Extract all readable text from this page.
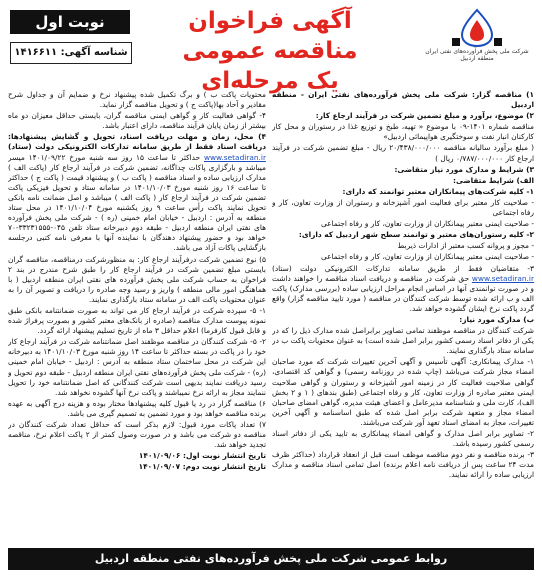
شرکت ملی پخش فرآورده‌های نفتی ایران
منطقه اردبیل
آگهی فراخوان مناقصه عمومی
یک مرحله‌ای
نوبت اول
شناسه آگهی: ۱۴۱۶۶۱۱

۱) مناقصه گزار: شرکت ملی پخش فرآورده‌های نفتی ایران - منطقه اردبیل

۲) موضوع، برآورد و مبلغ تضمین شرکت در فرآیند ارجاع کار:

مناقصه شماره ۱۴۰۱-۰۹ با موضوع « تهیه، طبخ و توزیع غذا در رستوران و محل کار کارکنان انبار نفت و سوختگیری هواپیمائی اردبیل»

( مبلغ برآورد سالیانه مناقصه ۲۰/۴۳۸/۰۰۰/۰۰۰ ریال - مبلغ تضمین شرکت در فرآیند ارجاع کار ۰/۷۸۷/۰۰۰/۰۰۰ ریال )

۳) شرایط و مدارک مورد نیاز متقاضی:

الف) شرایط متقاضی:

۱- کلیه شرکت‌های پیمانکاران معتبر توانمند که دارای:

- صلاحیت کار معتبر برای فعالیت امور آشپزخانه و رستوران از وزارت تعاون، کار و رفاه اجتماعی

- صلاحیت ایمنی معتبر پیمانکاران از وزارت تعاون، کار و رفاه اجتماعی

۲- کلیه رستوران‌های معتبر و توانمند سطح شهر اردبیل که دارای:

- مجوز و پروانه کسب معتبر از ادارات ذیربط

- صلاحیت ایمنی معتبر پیمانکاران از وزارت تعاون، کار و رفاه اجتماعی

۳- متقاضیان فقط از طریق سامانه تدارکات الکترونیکی دولت (ستاد) www.setadiran.ir حق شرکت در مناقصه و دریافت اسناد مناقصه را خواهند داشت و در صورت توانمندی آنها در اساس انجام مراحل ارزیابی ساده (بررسی مدارک) پاکت الف و ب ارائه شده توسط شرکت کنندگان در مناقصه ( مورد تایید مناقصه گزار) واقع گردد پاکت نرخ ایشان گشوده خواهد شد.

ب) مدارک مورد نیاز:

شرکت کنندگان در مناقصه موظفند تمامی تصاویر برابراصل شده مدارک ذیل را که در یکی از دفاتر اسناد رسمی کشور برابر اصل شده است) به عنوان محتویات پاکت ب در سامانه ستاد بارگذاری نمایند.

۱- مدارک پیمانکاری: آگهی تأسیس و آگهی آخرین تغییرات شرکت که مورد صاحبان امضاء مجاز شرکت می‌باشد (چاپ شده در روزنامه رسمی) و گواهی کد اقتصادی، گواهی صلاحیت فعالیت کار در زمینه امور آشپزخانه و رستوران و گواهی صلاحیت ایمنی معتبر صادره از وزارت تعاون، کار و رفاه اجتماعی (طبق بندهای ( ۱ و ۲ بخش الف)، کارت ملی و شناسنامه مدیرعامل و اعضای هیئت مدیره، گواهی امضای صاحبان امضاء مجاز و متعهد شرکت برابر اصل شده که طبق اساسنامه و آگهی آخرین تغییرات، مجاز به امضای اسناد تعهد آور شرکت می‌باشند.

۲- تصاویر برابر اصل مدارک و گواهی امضاء پیمانکاری به تایید یکی از دفاتر اسناد رسمی کشور رسیده باشد.

۳- برنده مناقصه و نفر دوم مناقصه موظف است قبل از انعقاد قرارداد (حداکثر ظرف مدت ۲۴ ساعت پس از دریافت نامه اعلام برنده) اصل تمامی اسناد مناقصه و مدارک ارزیابی ساده را ارائه نمایند.

محتویات پاکت ب ) و برگ تکمیل شده پیشنهاد نرخ و ضمایم آن و جداول شرح مقادیر و آحاد بها(پاکت ج ) و تحویل مناقصه گزار نماید.

۴- گواهی فعالیت کار و گواهی ایمنی مناقصه گران، بایستی حداقل معیزان دو ماه بیشتر از زمان پایان فرآیند مناقصه، دارای اعتبار باشد.

۴) محل، زمان و مهلت دریافت اسناد، تحویل و گشایش پیشنهادها: دریافت اسناد فقط از طریق سامانه تدارکات الکترونیکی دولت (ستاد) www.setadiran.ir حداکثر تا ساعت ۱۵ روز سه شنبه مورخ ۱۴۰۱/۰۹/۲۲ میسر میباشد و بارگزاری پاکات چداگانه، تضمین شرکت در فرآیند ارجاع کار (پاکت الف ) مدارک ارزیابی ساده و اسناد مناقصه ( پاکت ب ) و پیشنهاد قیمت ( پاکت ج ) حداکثر تا ساعت ۱۶ روز شنبه مورخ ۱۴۰۱/۱۰/۰۳ در سامانه ستاد و تحویل فیزیکی پاکت تضمین شرکت در فرآیند ارجاع کار ( پاکت الف ) میباشد و اصل ضمانت نامه بانکی تحویل نمایند پاکت رأس ساعت ۹ روز یکشنبه مورخ ۱۴۰۱/۱۰/۰۴ در محل ستاد منطقه به آدرس : اردبیل - خیابان امام خمینی (ره ) - شرکت ملی پخش فرآورده های نفتی ایران منطقه اردبیل - طبقه دوم دبیرخانه ستاد تلفن ۰۴۵-۳۳۲۳۱۵۵۵-۷۰ خواهد بود و حضور پیشنهاد دهندگان با نماینده آنها با معرفی نامه کتبی درجلسه بازگشایی پاکات آزاد می باشد.

۵) نوع تضمین شرکت درفرآیند ارجاع کار: به منظورشرکت درمناقصه، مناقصه گران بایستی مبلغ تضمین شرکت در فرآیند ارجاع کار را طبق شرح مندرج در بند ۲ فراخوان به حساب شرکت ملی پخش فرآورده های نفتی ایران منطقه اردبیل ( با هماهنگی امور مالی منطقه ) واریز و رسید وجه صادره را دریافت و تصویر آن را به عنوان محتویات پاکت الف در سامانه ستاد بارگذاری نمایند.

۱- ۵- سپرده شرکت در فرآیند ارجاع کار می تواند به صورت ضمانتنامه بانکی طبق نمونه پیوست مدارک مناقصه (صادره از بانک‌های معتبر کشور و بصورت پرفراژ شده و قابل قبول کارفرما) اعلام حداقل ۳ ماه از تاریخ تسلیم پیشنهاد ارائه گردد.

۲- ۵- شرکت کنندگان در مناقصه موظفند اصل ضمانتنامه شرکت در فرآیند ارجاع کار خود را در پاکت در بسته حداکثر تا ساعت ۱۴ روز شنبه مورخ ۱۴۰۱/۱۰/۰۳ به دبیرخانه این شرکت در محل ساختمان ستاد منطقه به آدرس : اردبیل - خیابان امام خمینی (ره) - شرکت ملی پخش فرآورده‌های نفتی ایران منطقه اردبیل - طبقه دوم تحویل و رسید دریافت نمایند بدیهی است شرکت کنندگانی که اصل ضمانتنامه خود را تحویل ننمایند مجاز به ارائه نرخ نمیباشند و پاکت نرخ آنها گشوده نخواهد شد.

۶) مناقصه گزار در رد یا قبول کلیه پیشنهادها مختار بوده و هزینه درج آگهی به عهده برنده مناقصه خواهد بود و مورد تضمین به تصمیم گیری می باشد.

۷) تعداد پاکات مورد قبول: لازم بذکر است که حداقل تعداد شرکت کنندگان در مناقصه دو شرکت می باشد و در صورت وصول کمتر از ۲ پاکت اعلام نرخ، مناقصه تجدید خواهد شد.

تاریخ انتشار نوبت اول: ۱۴۰۱/۰۹/۰۶

تاریخ انتشار نوبت دوم: ۱۴۰۱/۰۹/۰۷

روابط عمومی شرکت ملی پخش فرآورده‌های نفتی منطقه اردبیل
